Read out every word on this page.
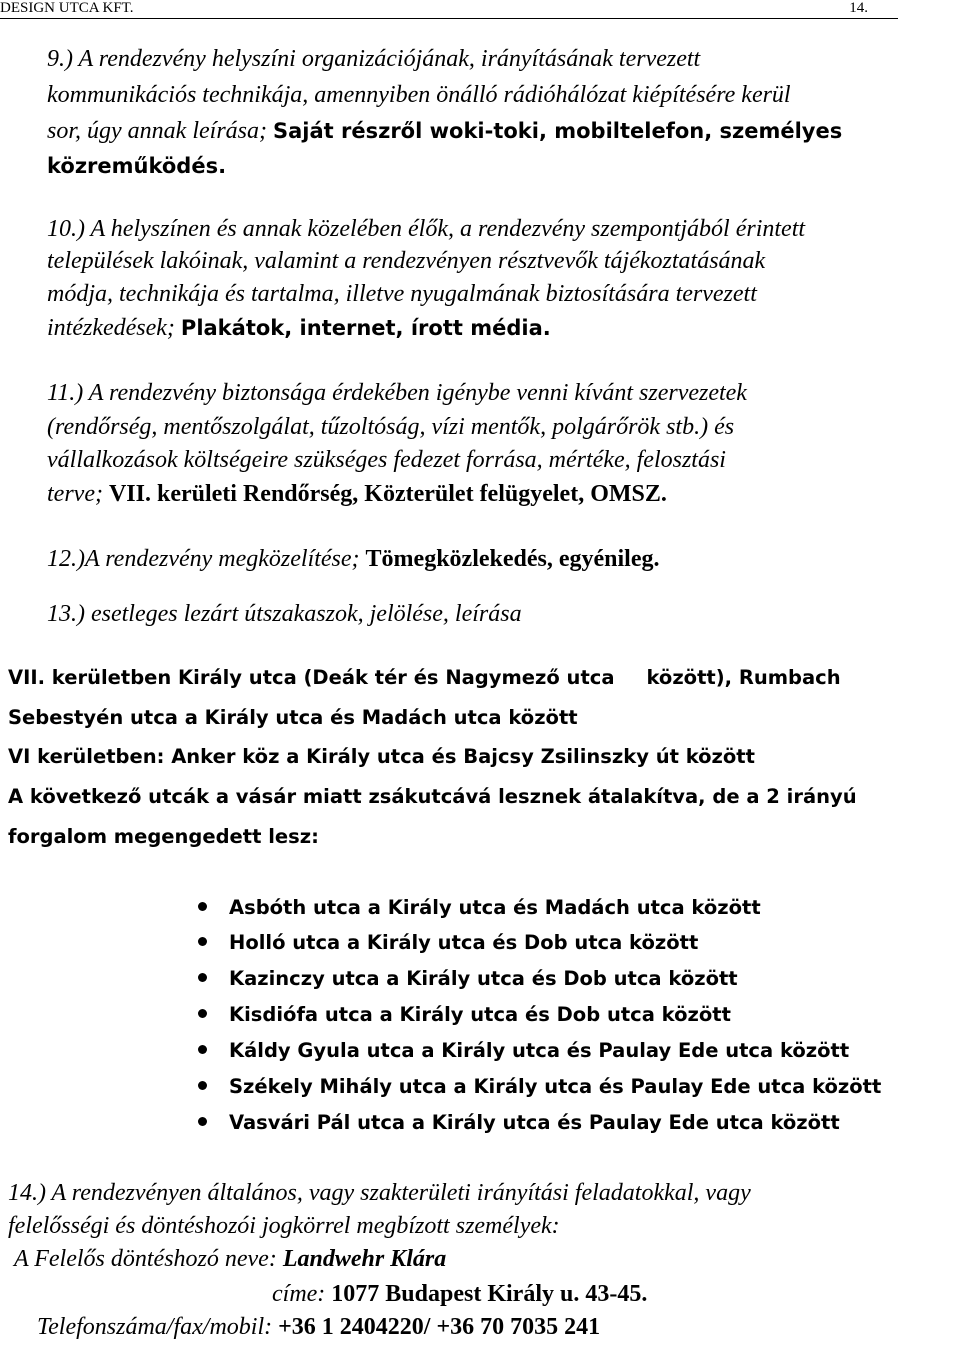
DESIGN UTCA KFT.	14.
9.) A rendezvény helyszíni organizációjának, irányításának tervezett
kommunikációs technikája, amennyiben önálló rádióhálózat kiépítésére kerül
sor, úgy annak leírása; Saját részről woki-toki, mobiltelefon, személyes
közreműködés.
10.) A helyszínen és annak közelében élők, a rendezvény szempontjából érintett
települések lakóinak, valamint a rendezvényen résztvevők tájékoztatásának
módja, technikája és tartalma, illetve nyugalmának biztosítására tervezett
intézkedések; Plakátok, internet, írott média.
11.) A rendezvény biztonsága érdekében igénybe venni kívánt szervezetek
(rendőrség, mentőszolgálat, tűzoltóság, vízi mentők, polgárőrök stb.) és
vállalkozások költségeire szükséges fedezet forrása, mértéke, felosztási
terve; VII. kerületi Rendőrség, Közterület felügyelet, OMSZ.
12.)A rendezvény megközelítése; Tömegközlekedés, egyénileg.
13.) esetleges lezárt útszakaszok, jelölése, leírása
VII. kerületben Király utca (Deák tér és Nagymező utca között), Rumbach
Sebestyén utca a Király utca és Madách utca között
VI kerületben: Anker köz a Király utca és Bajcsy Zsilinszky út között
A következő utcák a vásár miatt zsákutcává lesznek átalakítva, de a 2 irányú
forgalom megengedett lesz:
Asbóth utca a Király utca és Madách utca között
Holló utca a Király utca és Dob utca között
Kazinczy utca a Király utca és Dob utca között
Kisdiófa utca a Király utca és Dob utca között
Káldy Gyula utca a Király utca és Paulay Ede utca között
Székely Mihály utca a Király utca és Paulay Ede utca között
Vasvári Pál utca a Király utca és Paulay Ede utca között
14.) A rendezvényen általános, vagy szakterületi irányítási feladatokkal, vagy
felelősségi és döntéshozói jogkörrel megbízott személyek:
A Felelős döntéshozó neve: Landwehr Klára
címe: 1077 Budapest Király u. 43-45.
Telefonszáma/fax/mobil: +36 1 2404220/ +36 70 7035 241
